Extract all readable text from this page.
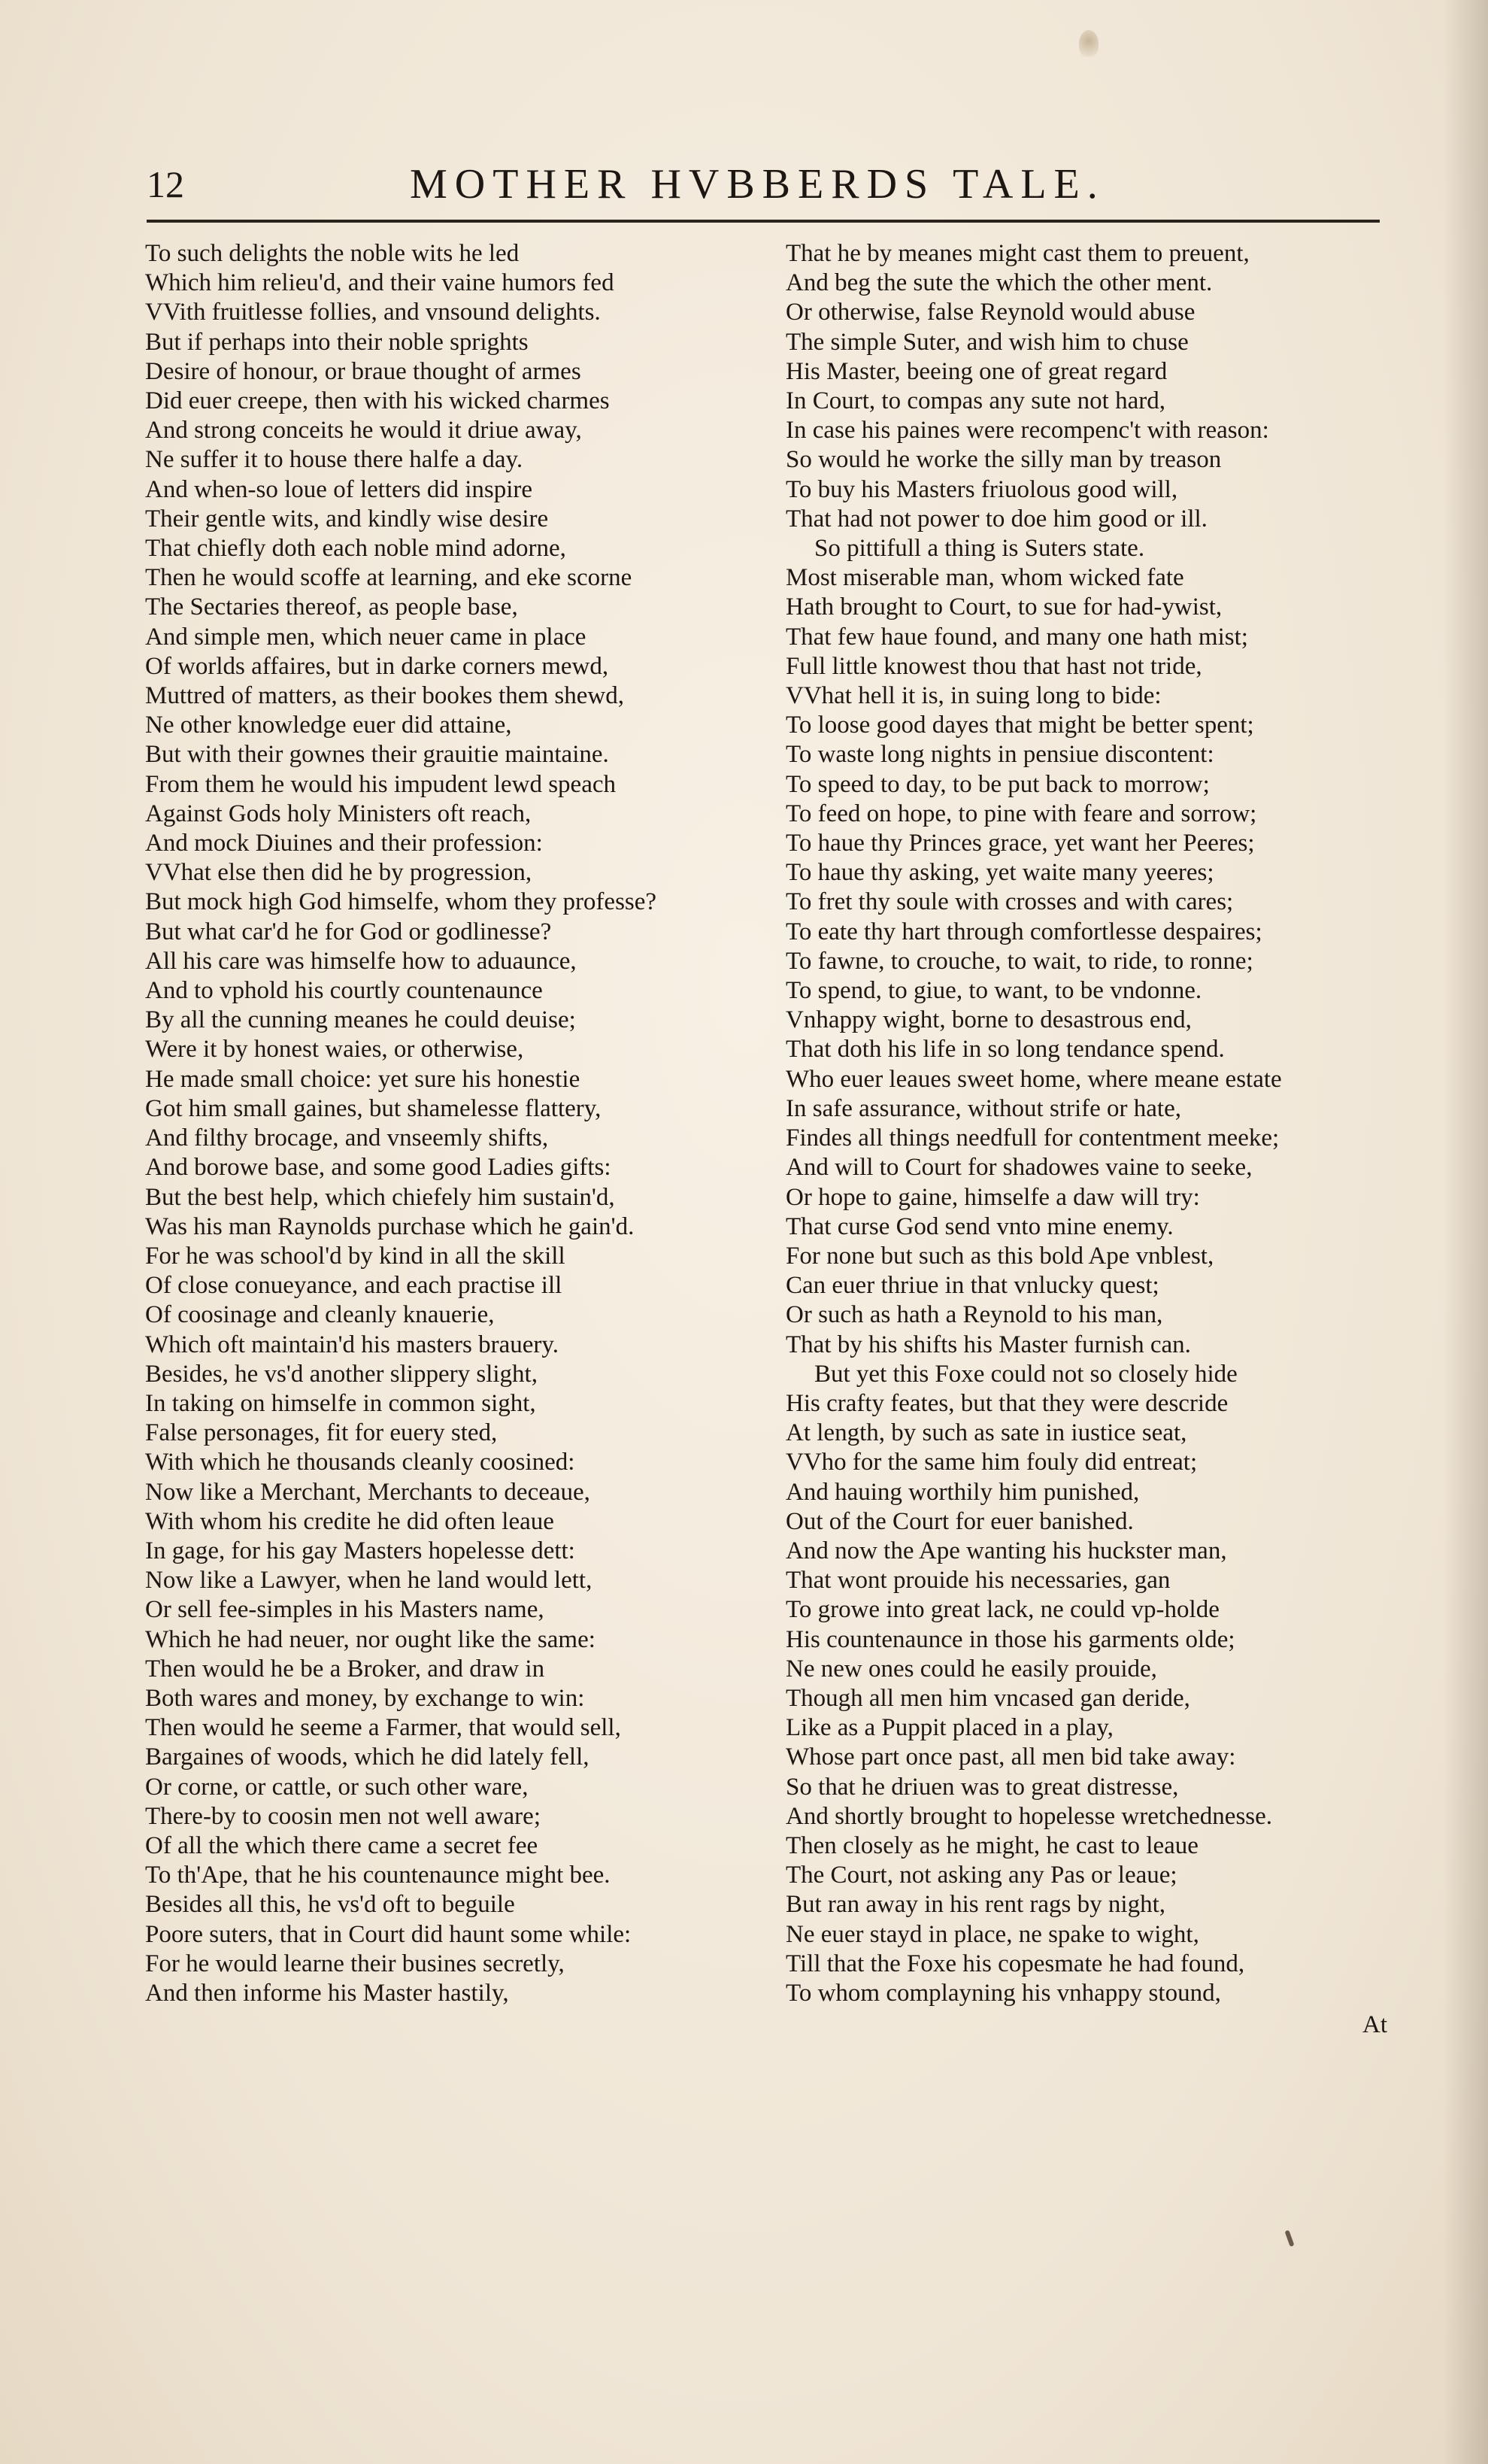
12	MOTHER HVBBERDS TALE.
To such delights the noble wits he led
Which him relieu'd, and their vaine humors fed
VVith fruitlesse follies, and vnsound delights.
But if perhaps into their noble sprights
Desire of honour, or braue thought of armes
Did euer creepe, then with his wicked charmes
And strong conceits he would it driue away,
Ne suffer it to house there halfe a day.
And when-so loue of letters did inspire
Their gentle wits, and kindly wise desire
That chiefly doth each noble mind adorne,
Then he would scoffe at learning, and eke scorne
The Sectaries thereof, as people base,
And simple men, which neuer came in place
Of worlds affaires, but in darke corners mewd,
Muttred of matters, as their bookes them shewd,
Ne other knowledge euer did attaine,
But with their gownes their grauitie maintaine.
From them he would his impudent lewd speach
Against Gods holy Ministers oft reach,
And mock Diuines and their profession:
VVhat else then did he by progression,
But mock high God himselfe, whom they professe?
But what car'd he for God or godlinesse?
All his care was himselfe how to aduaunce,
And to vphold his courtly countenaunce
By all the cunning meanes he could deuise;
Were it by honest waies, or otherwise,
He made small choice: yet sure his honestie
Got him small gaines, but shamelesse flattery,
And filthy brocage, and vnseemly shifts,
And borowe base, and some good Ladies gifts:
But the best help, which chiefely him sustain'd,
Was his man Raynolds purchase which he gain'd.
For he was school'd by kind in all the skill
Of close conueyance, and each practise ill
Of coosinage and cleanly knauerie,
Which oft maintain'd his masters brauery.
Besides, he vs'd another slippery slight,
In taking on himselfe in common sight,
False personages, fit for euery sted,
With which he thousands cleanly coosined:
Now like a Merchant, Merchants to deceaue,
With whom his credite he did often leaue
In gage, for his gay Masters hopelesse dett:
Now like a Lawyer, when he land would lett,
Or sell fee-simples in his Masters name,
Which he had neuer, nor ought like the same:
Then would he be a Broker, and draw in
Both wares and money, by exchange to win:
Then would he seeme a Farmer, that would sell,
Bargaines of woods, which he did lately fell,
Or corne, or cattle, or such other ware,
There-by to coosin men not well aware;
Of all the which there came a secret fee
To th'Ape, that he his countenaunce might bee.
Besides all this, he vs'd oft to beguile
Poore suters, that in Court did haunt some while:
For he would learne their busines secretly,
And then informe his Master hastily,
That he by meanes might cast them to preuent,
And beg the sute the which the other ment.
Or otherwise, false Reynold would abuse
The simple Suter, and wish him to chuse
His Master, beeing one of great regard
In Court, to compas any sute not hard,
In case his paines were recompenc't with reason:
So would he worke the silly man by treason
To buy his Masters friuolous good will,
That had not power to doe him good or ill.
So pittifull a thing is Suters state.
Most miserable man, whom wicked fate
Hath brought to Court, to sue for had-ywist,
That few haue found, and many one hath mist;
Full little knowest thou that hast not tride,
VVhat hell it is, in suing long to bide:
To loose good dayes that might be better spent;
To waste long nights in pensiue discontent:
To speed to day, to be put back to morrow;
To feed on hope, to pine with feare and sorrow;
To haue thy Princes grace, yet want her Peeres;
To haue thy asking, yet waite many yeeres;
To fret thy soule with crosses and with cares;
To eate thy hart through comfortlesse despaires;
To fawne, to crouche, to wait, to ride, to ronne;
To spend, to giue, to want, to be vndonne.
Vnhappy wight, borne to desastrous end,
That doth his life in so long tendance spend.
Who euer leaues sweet home, where meane estate
In safe assurance, without strife or hate,
Findes all things needfull for contentment meeke;
And will to Court for shadowes vaine to seeke,
Or hope to gaine, himselfe a daw will try:
That curse God send vnto mine enemy.
For none but such as this bold Ape vnblest,
Can euer thriue in that vnlucky quest;
Or such as hath a Reynold to his man,
That by his shifts his Master furnish can.
But yet this Foxe could not so closely hide
His crafty feates, but that they were descride
At length, by such as sate in iustice seat,
VVho for the same him fouly did entreat;
And hauing worthily him punished,
Out of the Court for euer banished.
And now the Ape wanting his huckster man,
That wont prouide his necessaries, gan
To growe into great lack, ne could vp-holde
His countenaunce in those his garments olde;
Ne new ones could he easily prouide,
Though all men him vncased gan deride,
Like as a Puppit placed in a play,
Whose part once past, all men bid take away:
So that he driuen was to great distresse,
And shortly brought to hopelesse wretchednesse.
Then closely as he might, he cast to leaue
The Court, not asking any Pas or leaue;
But ran away in his rent rags by night,
Ne euer stayd in place, ne spake to wight,
Till that the Foxe his copesmate he had found,
To whom complayning his vnhappy stound,
At
